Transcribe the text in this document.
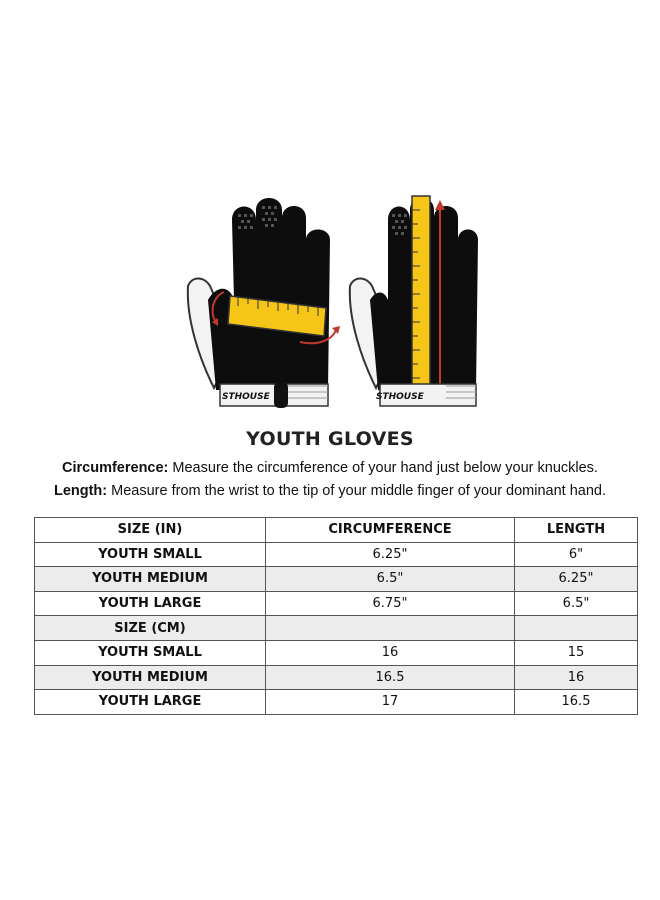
STHOUSE	STHOUSE
YOUTH GLOVES
Circumference: Measure the circumference of your hand just below your knuckles.
Length: Measure from the wrist to the tip of your middle finger of your dominant hand.
SIZE (IN)	CIRCUMFERENCE	LENGTH
YOUTH SMALL	6.25"	6"
YOUTH MEDIUM	6.5"	6.25"
YOUTH LARGE	6.75"	6.5"
SIZE (CM)		
YOUTH SMALL	16	15
YOUTH MEDIUM	16.5	16
YOUTH LARGE	17	16.5
